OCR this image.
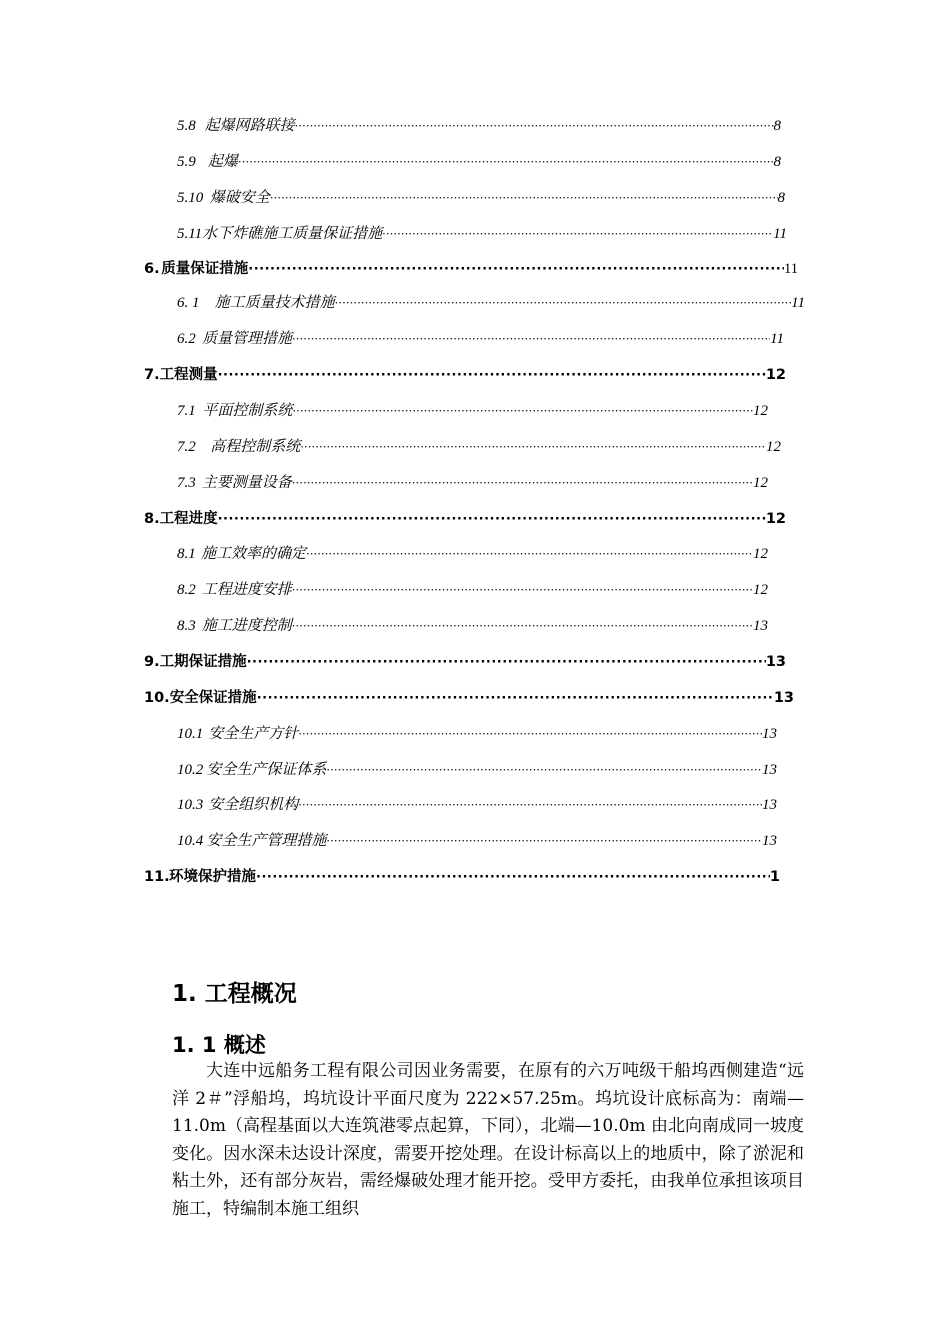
5.8 起爆网路联接 ·····	8
5.9 起爆 ·····	8
5.10 爆破安全 ·····	8
5.11 水下炸礁施工质量保证措施 ·····	11
6. 质量保证措施 ·····	11
6. 1	施工质量技术措施 ·····	11
6.2 质量管理措施 ·····	11
7. 工程测量 ·····	12
7.1 平面控制系统 ·····	12
7.2 高程控制系统 ·····	12
7.3 主要测量设备 ·····	12
8. 工程进度 ·····	12
8.1 施工效率的确定 ·····	12
8.2 工程进度安排 ·····	12
8.3 施工进度控制 ·····	13
9. 工期保证措施 ·····	13
10. 安全保证措施 ·····	13
10.1 安全生产方针 ·····	13
10.2 安全生产保证体系 ·····	13
10.3 安全组织机构 ·····	13
10.4 安全生产管理措施 ·····	13
11. 环境保护措施 ·····	1
1. 工程概况
1. 1 概述
大连中远船务工程有限公司因业务需要，在原有的六万吨级干船坞西侧建造“远洋 2＃”浮船坞，坞坑设计平面尺度为 222×57.25m。坞坑设计底标高为：南端—11.0m（高程基面以大连筑港零点起算，下同），北端—10.0m 由北向南成同一坡度变化。因水深未达设计深度，需要开挖处理。在设计标高以上的地质中，除了淤泥和粘土外，还有部分灰岩，需经爆破处理才能开挖。受甲方委托，由我单位承担该项目施工，特编制本施工组织
